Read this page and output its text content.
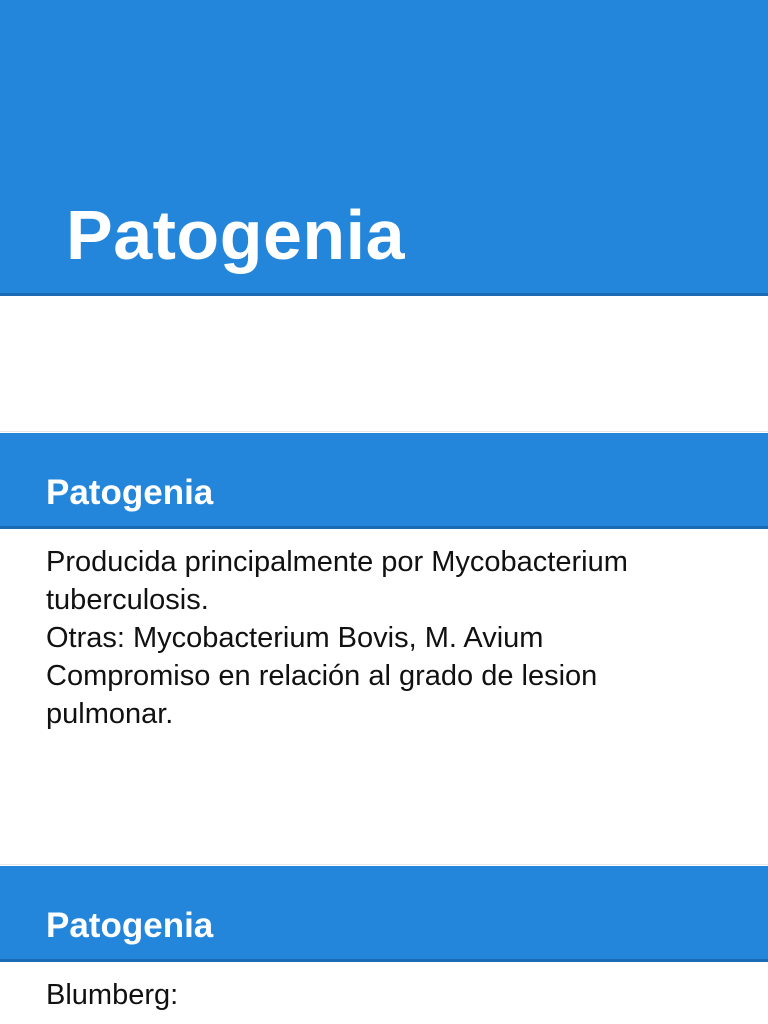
Patogenia
Patogenia
Producida principalmente por Mycobacterium
tuberculosis.
Otras: Mycobacterium Bovis, M. Avium
Compromiso en relación al grado de lesion
pulmonar.
Patogenia
Blumberg:
